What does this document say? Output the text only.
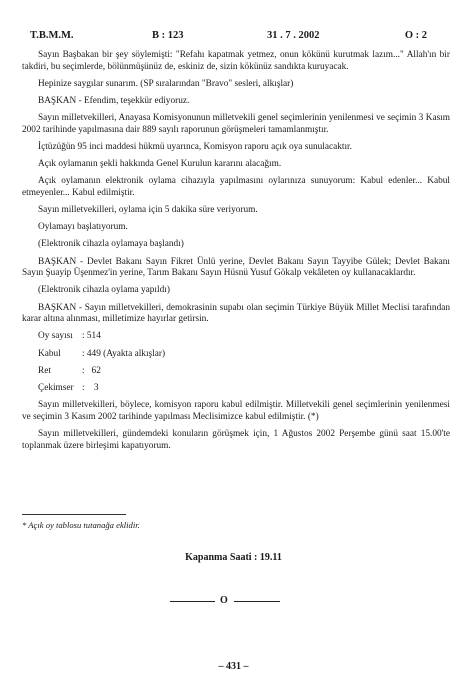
T.B.M.M.	B : 123	31 . 7 . 2002	O : 2

Sayın Başbakan bir şey söylemişti: "Refahı kapatmak yetmez, onun kökünü kurutmak lazım..." Allah'ın bir takdiri, bu seçimlerde, bölünmüşünüz de, eskiniz de, sizin kökünüz sandıkta kuruyacak.

Hepinize saygılar sunarım. (SP sıralarından "Bravo" sesleri, alkışlar)

BAŞKAN - Efendim, teşekkür ediyoruz.

Sayın milletvekilleri, Anayasa Komisyonunun milletvekili genel seçimlerinin yenilenmesi ve seçimin 3 Kasım 2002 tarihinde yapılmasına dair 889 sayılı raporunun görüşmeleri tamamlanmıştır.

İçtüzüğün 95 inci maddesi hükmü uyarınca, Komisyon raporu açık oya sunulacaktır.

Açık oylamanın şekli hakkında Genel Kurulun kararını alacağım.

Açık oylamanın elektronik oylama cihazıyla yapılmasını oylarınıza sunuyorum: Kabul edenler... Kabul etmeyenler... Kabul edilmiştir.

Sayın milletvekilleri, oylama için 5 dakika süre veriyorum.

Oylamayı başlatıyorum.

(Elektronik cihazla oylamaya başlandı)

BAŞKAN - Devlet Bakanı Sayın Fikret Ünlü yerine, Devlet Bakanı Sayın Tayyibe Gülek; Devlet Bakanı Sayın Şuayip Üşenmez'in yerine, Tarım Bakanı Sayın Hüsnü Yusuf Gökalp vekâleten oy kullanacaklardır.

(Elektronik cihazla oylama yapıldı)

BAŞKAN - Sayın milletvekilleri, demokrasinin supabı olan seçimin Türkiye Büyük Millet Meclisi tarafından karar altına alınması, milletimize hayırlar getirsin.

Oy sayısı : 514
Kabul : 449 (Ayakta alkışlar)
Ret	:   62
Çekimser :    3

Sayın milletvekilleri, böylece, komisyon raporu kabul edilmiştir. Milletvekili genel seçimlerinin yenilenmesi ve seçimin 3 Kasım 2002 tarihinde yapılması Meclisimizce kabul edilmiştir. (*)

Sayın milletvekilleri, gündemdeki konuların görüşmek için, 1 Ağustos 2002 Perşembe günü saat 15.00'te toplanmak üzere birleşimi kapatıyorum.

* Açık oy tablosu tutanağa eklidir.
Kapanma Saati : 19.11
O
– 431 –
